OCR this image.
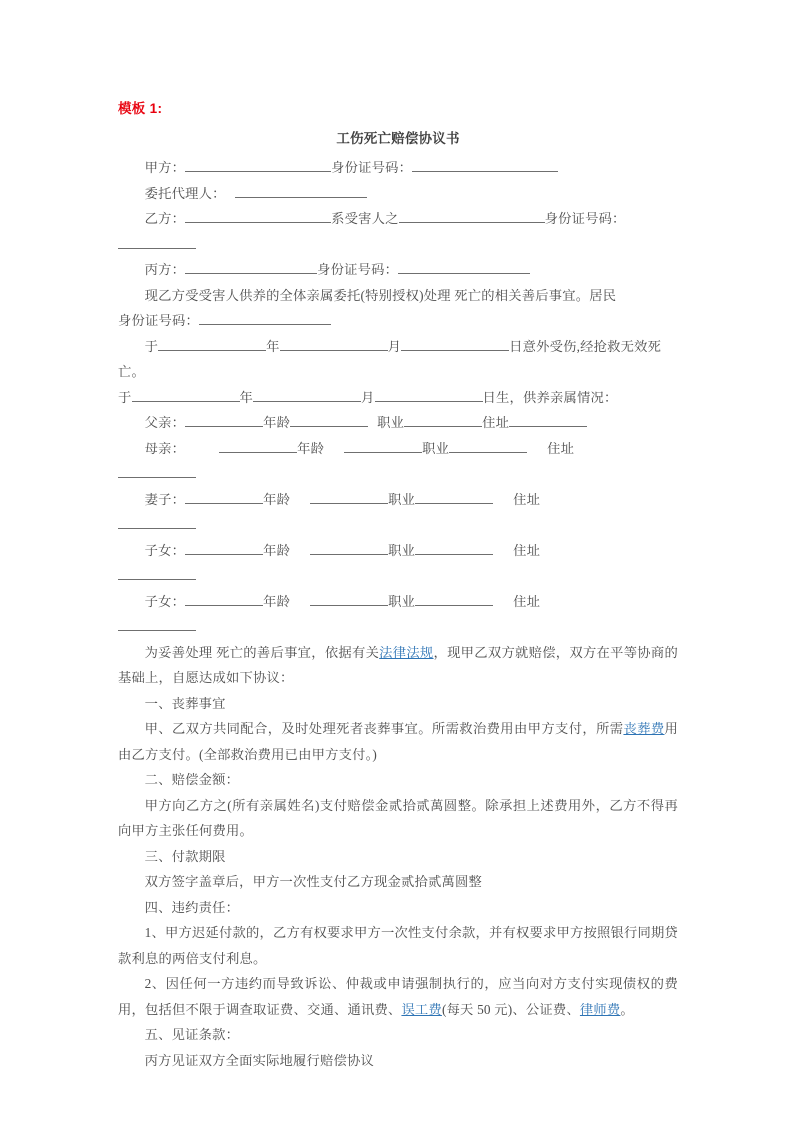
模板 1:

工伤死亡赔偿协议书

甲方：	身份证号码：

委托代理人：

乙方：	系受害人之	身份证号码：

丙方：	身份证号码：

现乙方受受害人供养的全体亲属委托(特别授权)处理 死亡的相关善后事宜。居民

身份证号码：

于	年	月	日意外受伤,经抢救无效死亡。

于	年	月	日生，供养亲属情况：

父亲：	年龄	职业	住址

母亲：	年龄	职业	住址

妻子：	年龄	职业	住址

子女：	年龄	职业	住址

子女：	年龄	职业	住址

为妥善处理 死亡的善后事宜，依据有关法律法规，现甲乙双方就赔偿，双方在平等协商的基础上，自愿达成如下协议：

一、丧葬事宜

甲、乙双方共同配合，及时处理死者丧葬事宜。所需救治费用由甲方支付，所需丧葬费用由乙方支付。(全部救治费用已由甲方支付。)

二、赔偿金额：

甲方向乙方之(所有亲属姓名)支付赔偿金贰拾贰萬圆整。除承担上述费用外，乙方不得再向甲方主张任何费用。

三、付款期限

双方签字盖章后，甲方一次性支付乙方现金贰拾贰萬圆整

四、违约责任：

1、甲方迟延付款的，乙方有权要求甲方一次性支付余款，并有权要求甲方按照银行同期贷款利息的两倍支付利息。

2、因任何一方违约而导致诉讼、仲裁或申请强制执行的，应当向对方支付实现债权的费用，包括但不限于调查取证费、交通、通讯费、误工费(每天 50 元)、公证费、律师费。

五、见证条款：

丙方见证双方全面实际地履行赔偿协议
